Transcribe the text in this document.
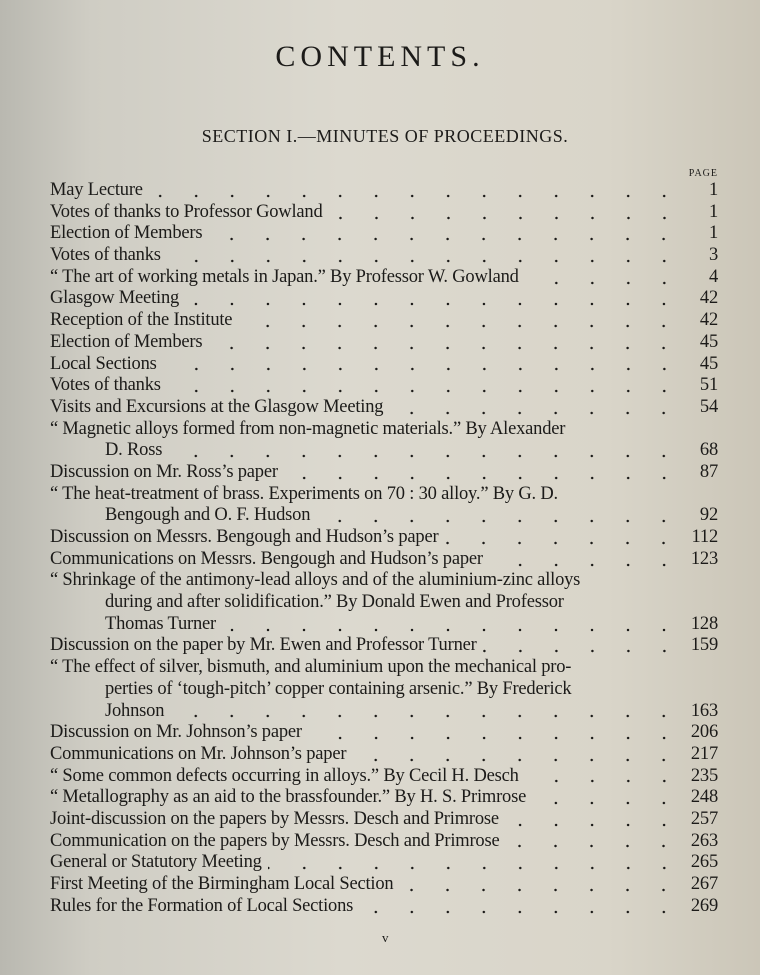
CONTENTS.
SECTION I.—MINUTES OF PROCEEDINGS.
PAGE
May Lecture	1
Votes of thanks to Professor Gowland	1
Election of Members	1
Votes of thanks	3
“ The art of working metals in Japan.” By Professor W. Gowland	4
Glasgow Meeting	42
Reception of the Institute	42
Election of Members	45
Local Sections	45
Votes of thanks	51
Visits and Excursions at the Glasgow Meeting	54
“ Magnetic alloys formed from non-magnetic materials.” By Alexander
D. Ross	68
Discussion on Mr. Ross’s paper	87
“ The heat-treatment of brass. Experiments on 70 : 30 alloy.” By G. D.
Bengough and O. F. Hudson	92
Discussion on Messrs. Bengough and Hudson’s paper	112
Communications on Messrs. Bengough and Hudson’s paper	123
“ Shrinkage of the antimony-lead alloys and of the aluminium-zinc alloys
during and after solidification.” By Donald Ewen and Professor
Thomas Turner	128
Discussion on the paper by Mr. Ewen and Professor Turner	159
“ The effect of silver, bismuth, and aluminium upon the mechanical pro-
perties of ‘tough-pitch’ copper containing arsenic.” By Frederick
Johnson	163
Discussion on Mr. Johnson’s paper	206
Communications on Mr. Johnson’s paper	217
“ Some common defects occurring in alloys.” By Cecil H. Desch	235
“ Metallography as an aid to the brassfounder.” By H. S. Primrose	248
Joint-discussion on the papers by Messrs. Desch and Primrose	257
Communication on the papers by Messrs. Desch and Primrose	263
General or Statutory Meeting	265
First Meeting of the Birmingham Local Section	267
Rules for the Formation of Local Sections	269
v
